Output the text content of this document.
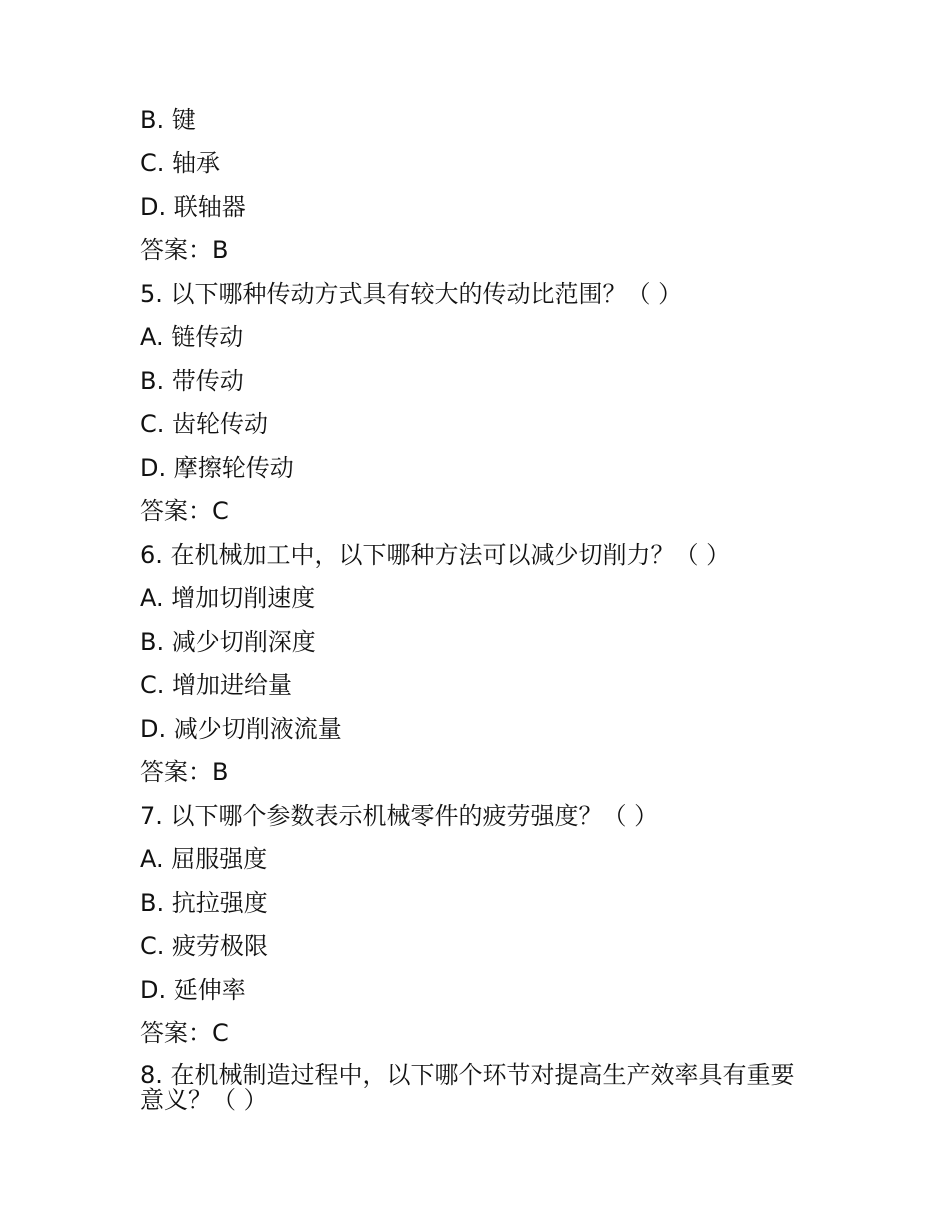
B. 键
C. 轴承
D. 联轴器
答案：B
5. 以下哪种传动方式具有较大的传动比范围？（ ）
A. 链传动
B. 带传动
C. 齿轮传动
D. 摩擦轮传动
答案：C
6. 在机械加工中，以下哪种方法可以减少切削力？（ ）
A. 增加切削速度
B. 减少切削深度
C. 增加进给量
D. 减少切削液流量
答案：B
7. 以下哪个参数表示机械零件的疲劳强度？（ ）
A. 屈服强度
B. 抗拉强度
C. 疲劳极限
D. 延伸率
答案：C
8. 在机械制造过程中，以下哪个环节对提高生产效率具有重要意义？（ ）
